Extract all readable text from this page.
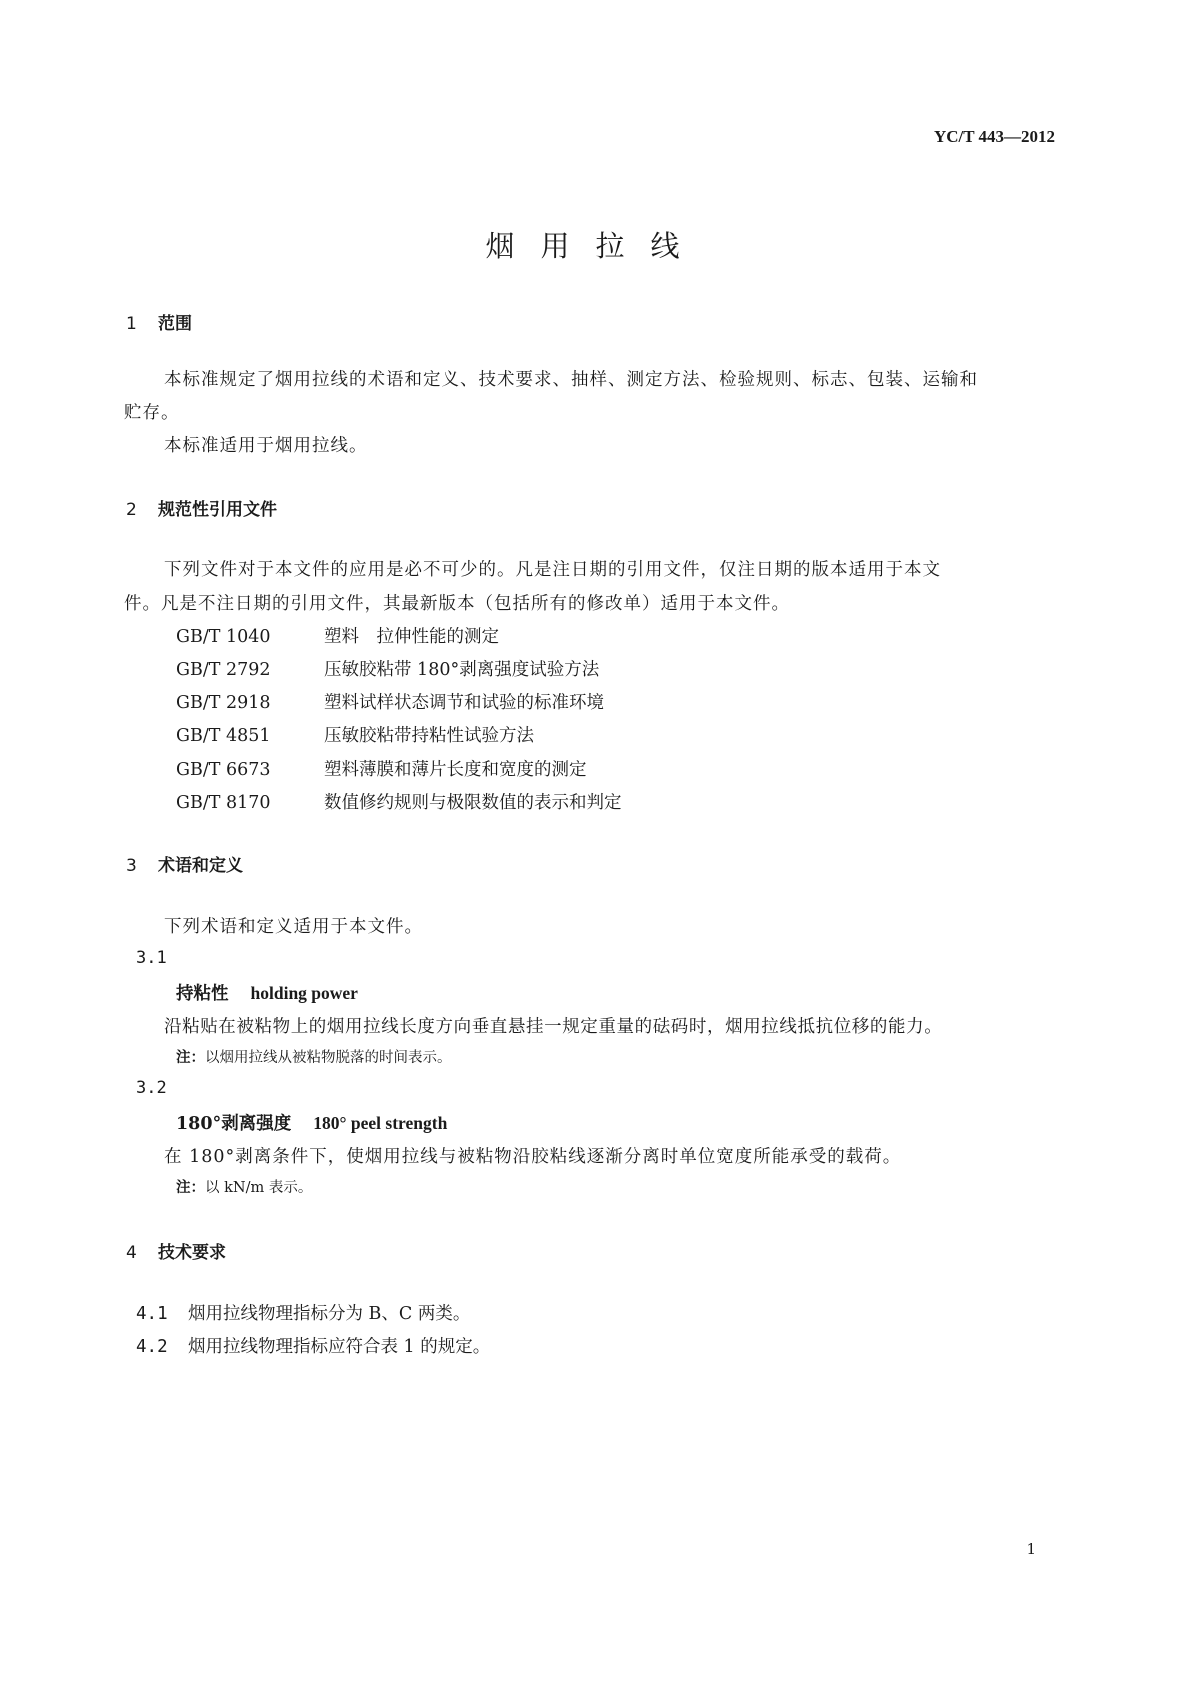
YC/T 443—2012
烟用拉线
1 范围
本标准规定了烟用拉线的术语和定义、技术要求、抽样、测定方法、检验规则、标志、包装、运输和
贮存。
本标准适用于烟用拉线。
2 规范性引用文件
下列文件对于本文件的应用是必不可少的。凡是注日期的引用文件，仅注日期的版本适用于本文
件。凡是不注日期的引用文件，其最新版本（包括所有的修改单）适用于本文件。
GB/T 1040	塑料　拉伸性能的测定
GB/T 2792	压敏胶粘带 180°剥离强度试验方法
GB/T 2918	塑料试样状态调节和试验的标准环境
GB/T 4851	压敏胶粘带持粘性试验方法
GB/T 6673	塑料薄膜和薄片长度和宽度的测定
GB/T 8170	数值修约规则与极限数值的表示和判定
3 术语和定义
下列术语和定义适用于本文件。
3.1
持粘性 holding power
沿粘贴在被粘物上的烟用拉线长度方向垂直悬挂一规定重量的砝码时，烟用拉线抵抗位移的能力。
注：以烟用拉线从被粘物脱落的时间表示。
3.2
180°剥离强度 180° peel strength
在 180°剥离条件下，使烟用拉线与被粘物沿胶粘线逐渐分离时单位宽度所能承受的载荷。
注：以 kN/m 表示。
4 技术要求
4.1 烟用拉线物理指标分为 B、C 两类。
4.2 烟用拉线物理指标应符合表 1 的规定。
1
